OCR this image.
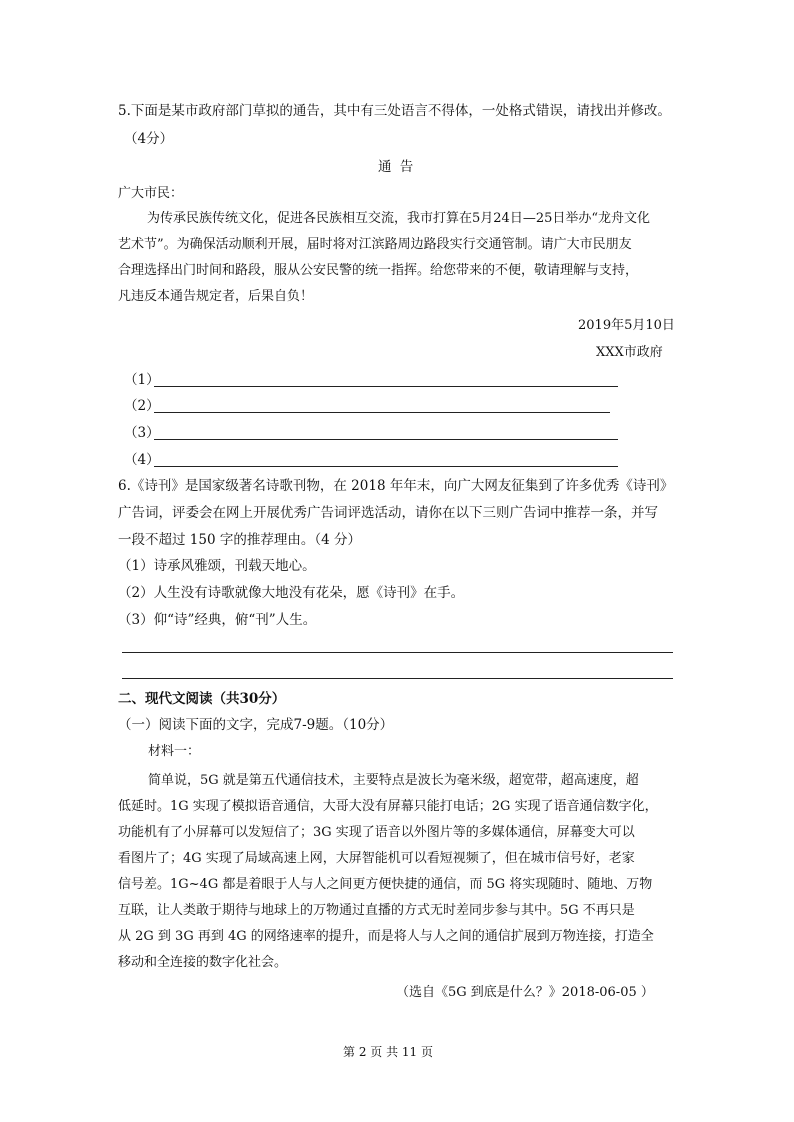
5.下面是某市政府部门草拟的通告，其中有三处语言不得体，一处格式错误，请找出并修改。
（4分）
通 告
广大市民：
为传承民族传统文化，促进各民族相互交流，我市打算在5月24日—25日举办“龙舟文化
艺术节”。为确保活动顺利开展，届时将对江滨路周边路段实行交通管制。请广大市民朋友
合理选择出门时间和路段，服从公安民警的统一指挥。给您带来的不便，敬请理解与支持，
凡违反本通告规定者，后果自负！
2019年5月10日
XXX市政府
（1）
（2）
（3）
（4）
6.《诗刊》是国家级著名诗歌刊物，在 2018 年年末，向广大网友征集到了许多优秀《诗刊》
广告词，评委会在网上开展优秀广告词评选活动，请你在以下三则广告词中推荐一条，并写
一段不超过 150 字的推荐理由。（4 分）
（1）诗承风雅颂，刊载天地心。
（2）人生没有诗歌就像大地没有花朵，愿《诗刊》在手。
（3）仰“诗”经典，俯“刊”人生。
二、现代文阅读（共30分）
（一）阅读下面的文字，完成7-9题。（10分）
材料一：
简单说，5G 就是第五代通信技术，主要特点是波长为毫米级，超宽带，超高速度，超
低延时。1G 实现了模拟语音通信，大哥大没有屏幕只能打电话；2G 实现了语音通信数字化，
功能机有了小屏幕可以发短信了；3G 实现了语音以外图片等的多媒体通信，屏幕变大可以
看图片了；4G 实现了局域高速上网，大屏智能机可以看短视频了，但在城市信号好，老家
信号差。1G~4G 都是着眼于人与人之间更方便快捷的通信，而 5G 将实现随时、随地、万物
互联，让人类敢于期待与地球上的万物通过直播的方式无时差同步参与其中。5G 不再只是
从 2G 到 3G 再到 4G 的网络速率的提升，而是将人与人之间的通信扩展到万物连接，打造全
移动和全连接的数字化社会。
（选自《5G 到底是什么？》2018-06-05 ）
第 2 页 共 11 页
